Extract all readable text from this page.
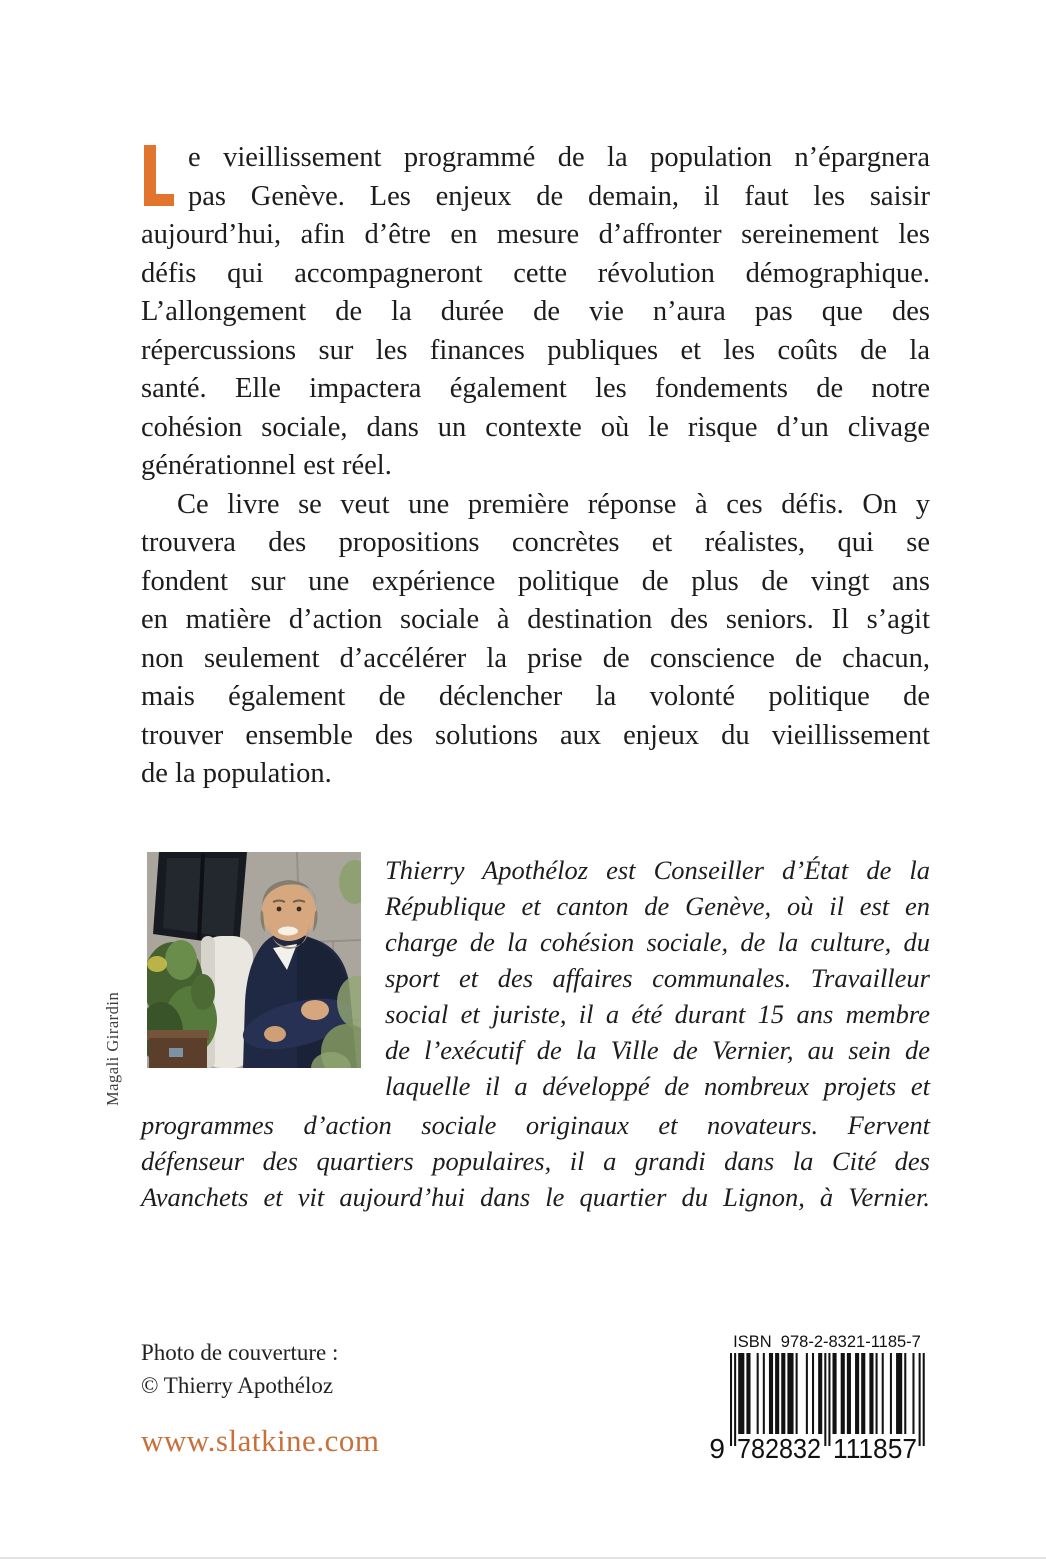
e vieillissement programmé de la population n’épargnera
pas Genève. Les enjeux de demain, il faut les saisir
aujourd’hui, afin d’être en mesure d’affronter sereinement les
défis qui accompagneront cette révolution démographique.
L’allongement de la durée de vie n’aura pas que des
répercussions sur les finances publiques et les coûts de la
santé. Elle impactera également les fondements de notre
cohésion sociale, dans un contexte où le risque d’un clivage
générationnel est réel.
Ce livre se veut une première réponse à ces défis. On y
trouvera des propositions concrètes et réalistes, qui se
fondent sur une expérience politique de plus de vingt ans
en matière d’action sociale à destination des seniors. Il s’agit
non seulement d’accélérer la prise de conscience de chacun,
mais également de déclencher la volonté politique de
trouver ensemble des solutions aux enjeux du vieillissement
de la population.
Magali Girardin
Thierry Apothéloz est Conseiller d’État de la
République et canton de Genève, où il est en
charge de la cohésion sociale, de la culture, du
sport et des affaires communales. Travailleur
social et juriste, il a été durant 15 ans membre
de l’exécutif de la Ville de Vernier, au sein de
laquelle il a développé de nombreux projets et
programmes d’action sociale originaux et novateurs. Fervent
défenseur des quartiers populaires, il a grandi dans la Cité des
Avanchets et vit aujourd’hui dans le quartier du Lignon, à Vernier.
Photo de couverture :
© Thierry Apothéloz
www.slatkine.com
ISBN  978-2-8321-1185-7
9 782832 111857
